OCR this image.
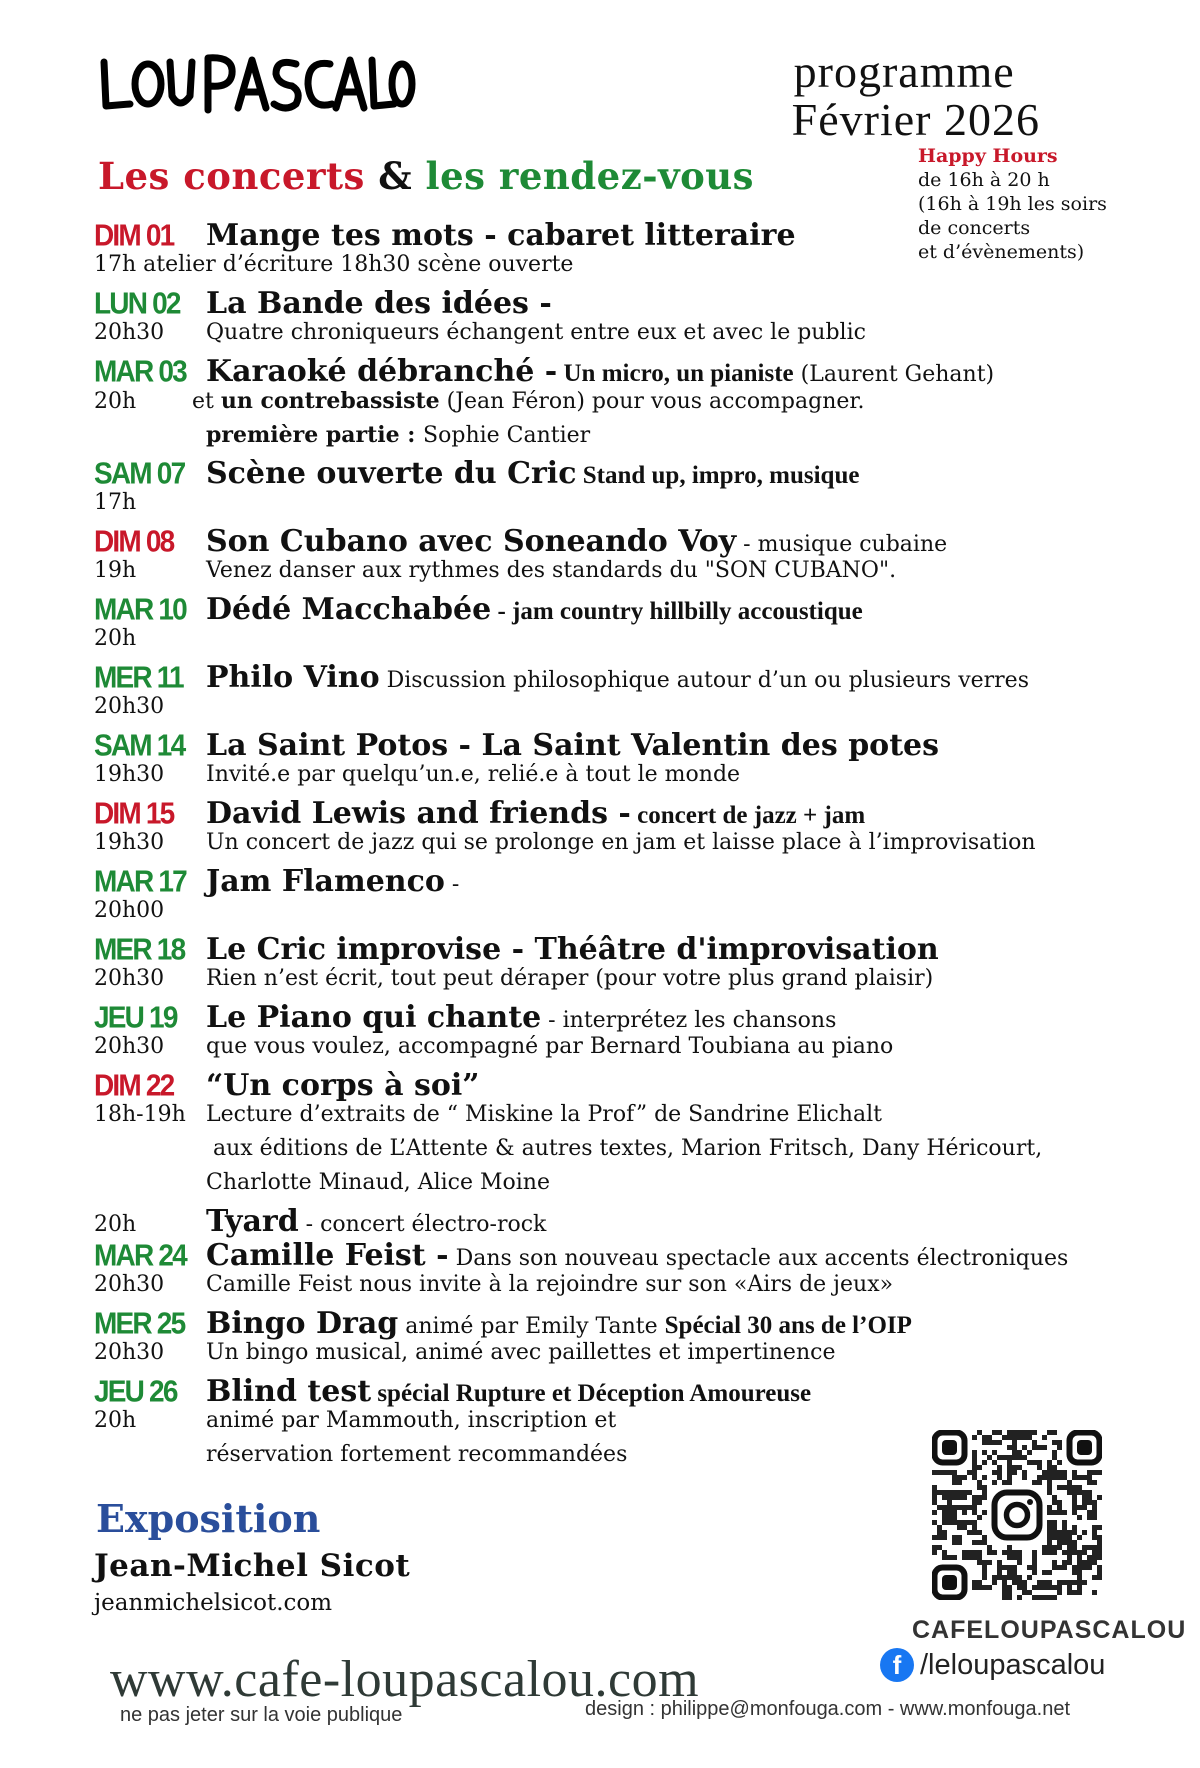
LOU PASCALOU	programme
Février 2026
Happy Hours
de 16h à 20 h
(16h à 19h les soirs
de concerts
et d’évènements)
Les concerts & les rendez-vous
DIM 01	Mange tes mots - cabaret litteraire
17h atelier d’écriture 18h30 scène ouverte
LUN 02 La Bande des idées -
20h30	Quatre chroniqueurs échangent entre eux et avec le public
MAR 03 Karaoké débranché - Un micro, un pianiste (Laurent Gehant)
20h	et un contrebassiste (Jean Féron) pour vous accompagner.
première partie : Sophie Cantier
SAM 07 Scène ouverte du Cric Stand up, impro, musique
17h
DIM 08	Son Cubano avec Soneando Voy - musique cubaine
19h	Venez danser aux rythmes des standards du "SON CUBANO".
MAR 10 Dédé Macchabée - jam country hillbilly accoustique
20h
MER 11 Philo Vino Discussion philosophique autour d’un ou plusieurs verres
20h30
SAM 14 La Saint Potos - La Saint Valentin des potes
19h30	Invité.e par quelqu’un.e, relié.e à tout le monde
DIM 15	David Lewis and friends - concert de jazz + jam
19h30	Un concert de jazz qui se prolonge en jam et laisse place à l’improvisation
MAR 17 Jam Flamenco -
20h00
MER 18 Le Cric improvise - Théâtre d'improvisation
20h30	Rien n’est écrit, tout peut déraper (pour votre plus grand plaisir)
JEU 19 Le Piano qui chante - interprétez les chansons
20h30	que vous voulez, accompagné par Bernard Toubiana au piano
DIM 22	“Un corps à soi”
18h-19h Lecture d’extraits de “ Miskine la Prof” de Sandrine Elichalt
aux éditions de L’Attente & autres textes, Marion Fritsch, Dany Héricourt,
Charlotte Minaud, Alice Moine
20h	Tyard - concert électro-rock
MAR 24 Camille Feist - Dans son nouveau spectacle aux accents électroniques
20h30	Camille Feist nous invite à la rejoindre sur son «Airs de jeux»
MER 25 Bingo Drag animé par Emily Tante Spécial 30 ans de l’OIP
20h30	Un bingo musical, animé avec paillettes et impertinence
JEU 26 Blind test spécial Rupture et Déception Amoureuse
20h	animé par Mammouth, inscription et
réservation fortement recommandées
Exposition
Jean-Michel Sicot
jeanmichelsicot.com
CAFELOUPASCALOU
f /leloupascalou
www.cafe-loupascalou.com
ne pas jeter sur la voie publique	design : philippe@monfouga.com - www.monfouga.net
